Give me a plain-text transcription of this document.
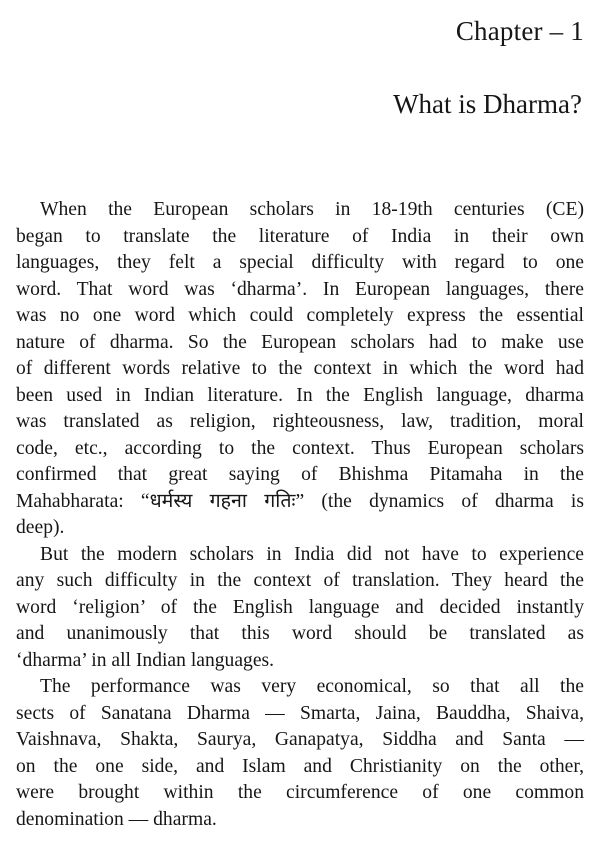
Chapter – 1
What is Dharma?

When the European scholars in 18-19th centuries (CE)
began to translate the literature of India in their own
languages, they felt a special difficulty with regard to one
word. That word was ‘dharma’. In European languages, there
was no one word which could completely express the essential
nature of dharma. So the European scholars had to make use
of different words relative to the context in which the word had
been used in Indian literature. In the English language, dharma
was translated as religion, righteousness, law, tradition, moral
code, etc., according to the context. Thus European scholars
confirmed that great saying of Bhishma Pitamaha in the
Mahabharata: “धर्मस्य गहना गतिः” (the dynamics of dharma is
deep).

But the modern scholars in India did not have to experience
any such difficulty in the context of translation. They heard the
word ‘religion’ of the English language and decided instantly
and unanimously that this word should be translated as
‘dharma’ in all Indian languages.

The performance was very economical, so that all the
sects of Sanatana Dharma — Smarta, Jaina, Bauddha, Shaiva,
Vaishnava, Shakta, Saurya, Ganapatya, Siddha and Santa —
on the one side, and Islam and Christianity on the other,
were brought within the circumference of one common
denomination — dharma.
